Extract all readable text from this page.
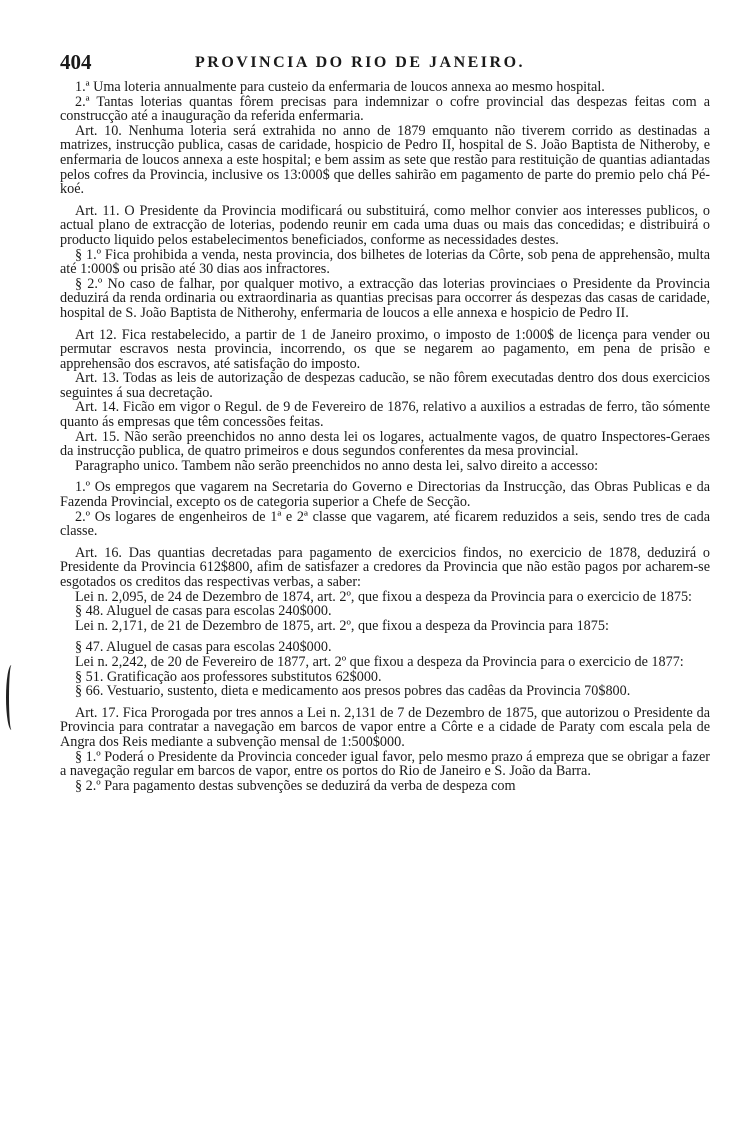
404	PROVINCIA DO RIO DE JANEIRO.

1.ª Uma loteria annualmente para custeio da enfermaria de loucos annexa ao mesmo hospital.

2.ª Tantas loterias quantas fôrem precisas para indemnizar o cofre provincial das despezas feitas com a construcção até a inauguração da referida enfermaria.

Art. 10. Nenhuma loteria será extrahida no anno de 1879 emquanto não tiverem corrido as destinadas a matrizes, instrucção publica, casas de caridade, hospicio de Pedro II, hospital de S. João Baptista de Nitheroby, e enfermaria de loucos annexa a este hospital; e bem assim as sete que restão para restituição de quantias adiantadas pelos cofres da Provincia, inclusive os 13:000$ que delles sahirão em pagamento de parte do premio pelo chá Pé-koé.

Art. 11. O Presidente da Provincia modificará ou substituirá, como melhor convier aos interesses publicos, o actual plano de extracção de loterias, podendo reunir em cada uma duas ou mais das concedidas; e distribuirá o producto liquido pelos estabelecimentos beneficiados, conforme as necessidades destes.

§ 1.º Fica prohibida a venda, nesta provincia, dos bilhetes de loterias da Côrte, sob pena de apprehensão, multa até 1:000$ ou prisão até 30 dias aos infractores.

§ 2.º No caso de falhar, por qualquer motivo, a extracção das loterias provinciaes o Presidente da Provincia deduzirá da renda ordinaria ou extraordinaria as quantias precisas para occorrer ás despezas das casas de caridade, hospital de S. João Baptista de Nitherohy, enfermaria de loucos a elle annexa e hospicio de Pedro II.

Art 12. Fica restabelecido, a partir de 1 de Janeiro proximo, o imposto de 1:000$ de licença para vender ou permutar escravos nesta provincia, incorrendo, os que se negarem ao pagamento, em pena de prisão e apprehensão dos escravos, até satisfação do imposto.

Art. 13. Todas as leis de autorização de despezas caducão, se não fôrem executadas dentro dos dous exercicios seguintes á sua decretação.

Art. 14. Ficão em vigor o Regul. de 9 de Fevereiro de 1876, relativo a auxilios a estradas de ferro, tão sómente quanto ás empresas que têm concessões feitas.

Art. 15. Não serão preenchidos no anno desta lei os logares, actualmente vagos, de quatro Inspectores-Geraes da instrucção publica, de quatro primeiros e dous segundos conferentes da mesa provincial.

Paragrapho unico. Tambem não serão preenchidos no anno desta lei, salvo direito a accesso:

1.º Os empregos que vagarem na Secretaria do Governo e Directorias da Instrucção, das Obras Publicas e da Fazenda Provincial, excepto os de categoria superior a Chefe de Secção.

2.º Os logares de engenheiros de 1ª e 2ª classe que vagarem, até ficarem reduzidos a seis, sendo tres de cada classe.

Art. 16. Das quantias decretadas para pagamento de exercicios findos, no exercicio de 1878, deduzirá o Presidente da Provincia 612$800, afim de satisfazer a credores da Provincia que não estão pagos por acharem-se esgotados os creditos das respectivas verbas, a saber:

Lei n. 2,095, de 24 de Dezembro de 1874, art. 2º, que fixou a despeza da Provincia para o exercicio de 1875:

§ 48. Aluguel de casas para escolas 240$000.

Lei n. 2,171, de 21 de Dezembro de 1875, art. 2º, que fixou a despeza da Provincia para 1875:

§ 47. Aluguel de casas para escolas 240$000.

Lei n. 2,242, de 20 de Fevereiro de 1877, art. 2º que fixou a despeza da Provincia para o exercicio de 1877:

§ 51. Gratificação aos professores substitutos 62$000.

§ 66. Vestuario, sustento, dieta e medicamento aos presos pobres das cadêas da Provincia 70$800.

Art. 17. Fica Prorogada por tres annos a Lei n. 2,131 de 7 de Dezembro de 1875, que autorizou o Presidente da Provincia para contratar a navegação em barcos de vapor entre a Côrte e a cidade de Paraty com escala pela de Angra dos Reis mediante a subvenção mensal de 1:500$000.

§ 1.º Poderá o Presidente da Provincia conceder igual favor, pelo mesmo prazo á empreza que se obrigar a fazer a navegação regular em barcos de vapor, entre os portos do Rio de Janeiro e S. João da Barra.

§ 2.º Para pagamento destas subvenções se deduzirá da verba de despeza com
